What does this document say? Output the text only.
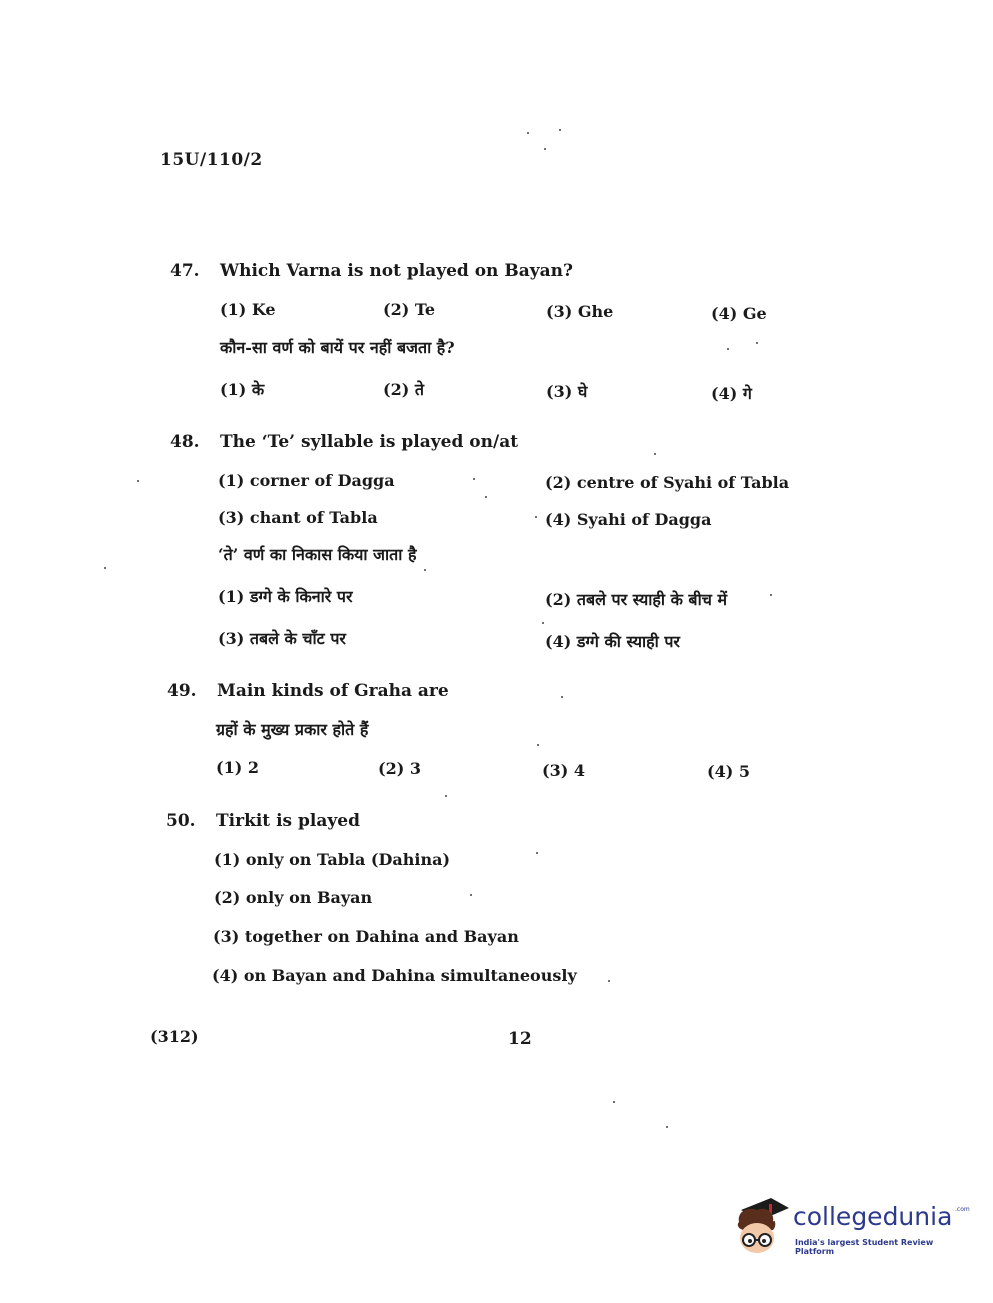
15U/110/2
47. Which Varna is not played on Bayan?
(1) Ke	(2) Te	(3) Ghe	(4) Ge
कौन-सा वर्ण को बायें पर नहीं बजता है?
(1) के	(2) ते	(3) घे	(4) गे
48. The ‘Te’ syllable is played on/at
(1) corner of Dagga	(2) centre of Syahi of Tabla
(3) chant of Tabla	(4) Syahi of Dagga
‘ते’ वर्ण का निकास किया जाता है
(1) डग्गे के किनारे पर	(2) तबले पर स्याही के बीच में
(3) तबले के चाँट पर	(4) डग्गे की स्याही पर
49. Main kinds of Graha are
ग्रहों के मुख्य प्रकार होते हैं
(1) 2	(2) 3	(3) 4	(4) 5
50. Tirkit is played
(1) only on Tabla (Dahina)
(2) only on Bayan
(3) together on Dahina and Bayan
(4) on Bayan and Dahina simultaneously
(312)	12
collegedunia .com
India's largest Student Review Platform
